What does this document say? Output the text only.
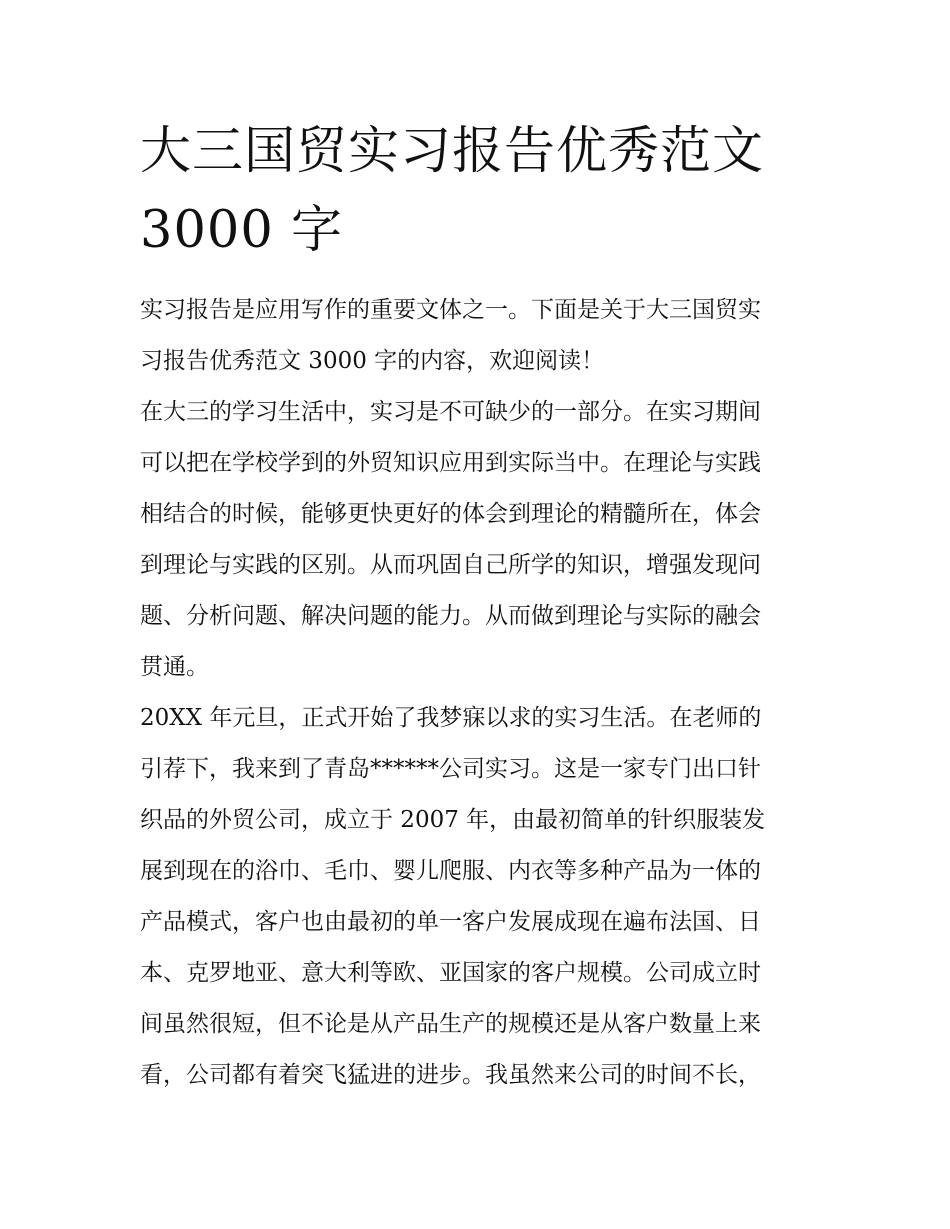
大三国贸实习报告优秀范文
3000 字

实习报告是应用写作的重要文体之一。下面是关于大三国贸实
习报告优秀范文 3000 字的内容，欢迎阅读！

在大三的学习生活中，实习是不可缺少的一部分。在实习期间
可以把在学校学到的外贸知识应用到实际当中。在理论与实践
相结合的时候，能够更快更好的体会到理论的精髓所在，体会
到理论与实践的区别。从而巩固自己所学的知识，增强发现问
题、分析问题、解决问题的能力。从而做到理论与实际的融会
贯通。

20XX 年元旦，正式开始了我梦寐以求的实习生活。在老师的
引荐下，我来到了青岛******公司实习。这是一家专门出口针
织品的外贸公司，成立于 2007 年，由最初简单的针织服装发
展到现在的浴巾、毛巾、婴儿爬服、内衣等多种产品为一体的
产品模式，客户也由最初的单一客户发展成现在遍布法国、日
本、克罗地亚、意大利等欧、亚国家的客户规模。公司成立时
间虽然很短，但不论是从产品生产的规模还是从客户数量上来
看，公司都有着突飞猛进的进步。我虽然来公司的时间不长，
